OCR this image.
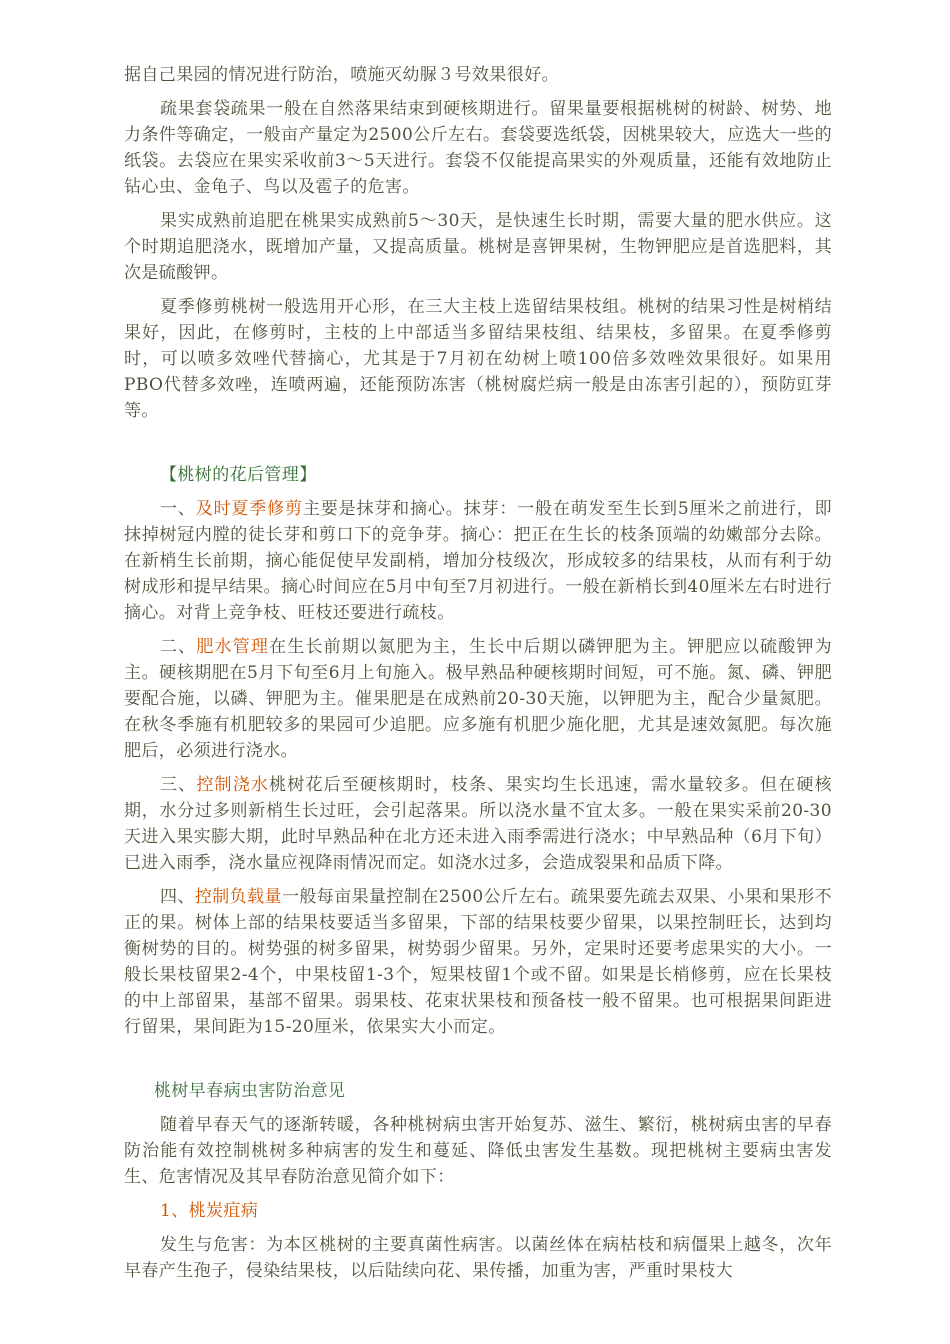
据自己果园的情况进行防治，喷施灭幼脲３号效果很好。

疏果套袋疏果一般在自然落果结束到硬核期进行。留果量要根据桃树的树龄、树势、地力条件等确定，一般亩产量定为2500公斤左右。套袋要选纸袋，因桃果较大，应选大一些的纸袋。去袋应在果实采收前3～5天进行。套袋不仅能提高果实的外观质量，还能有效地防止钻心虫、金龟子、鸟以及雹子的危害。

果实成熟前追肥在桃果实成熟前5～30天，是快速生长时期，需要大量的肥水供应。这个时期追肥浇水，既增加产量，又提高质量。桃树是喜钾果树，生物钾肥应是首选肥料，其次是硫酸钾。

夏季修剪桃树一般选用开心形，在三大主枝上选留结果枝组。桃树的结果习性是树梢结果好，因此，在修剪时，主枝的上中部适当多留结果枝组、结果枝，多留果。在夏季修剪时，可以喷多效唑代替摘心，尤其是于7月初在幼树上喷100倍多效唑效果很好。如果用PBO代替多效唑，连喷两遍，还能预防冻害（桃树腐烂病一般是由冻害引起的），预防豇芽等。

【桃树的花后管理】

一、及时夏季修剪主要是抹芽和摘心。抹芽：一般在萌发至生长到5厘米之前进行，即抹掉树冠内膛的徒长芽和剪口下的竞争芽。摘心：把正在生长的枝条顶端的幼嫩部分去除。在新梢生长前期，摘心能促使早发副梢，增加分枝级次，形成较多的结果枝，从而有利于幼树成形和提早结果。摘心时间应在5月中旬至7月初进行。一般在新梢长到40厘米左右时进行摘心。对背上竞争枝、旺枝还要进行疏枝。

二、肥水管理在生长前期以氮肥为主，生长中后期以磷钾肥为主。钾肥应以硫酸钾为主。硬核期肥在5月下旬至6月上旬施入。极早熟品种硬核期时间短，可不施。氮、磷、钾肥要配合施，以磷、钾肥为主。催果肥是在成熟前20-30天施，以钾肥为主，配合少量氮肥。在秋冬季施有机肥较多的果园可少追肥。应多施有机肥少施化肥，尤其是速效氮肥。每次施肥后，必须进行浇水。

三、控制浇水桃树花后至硬核期时，枝条、果实均生长迅速，需水量较多。但在硬核期，水分过多则新梢生长过旺，会引起落果。所以浇水量不宜太多。一般在果实采前20-30天进入果实膨大期，此时早熟品种在北方还未进入雨季需进行浇水；中早熟品种（6月下旬）已进入雨季，浇水量应视降雨情况而定。如浇水过多，会造成裂果和品质下降。

四、控制负载量一般每亩果量控制在2500公斤左右。疏果要先疏去双果、小果和果形不正的果。树体上部的结果枝要适当多留果，下部的结果枝要少留果，以果控制旺长，达到均衡树势的目的。树势强的树多留果，树势弱少留果。另外，定果时还要考虑果实的大小。一般长果枝留果2-4个，中果枝留1-3个，短果枝留1个或不留。如果是长梢修剪，应在长果枝的中上部留果，基部不留果。弱果枝、花束状果枝和预备枝一般不留果。也可根据果间距进行留果，果间距为15-20厘米，依果实大小而定。

桃树早春病虫害防治意见

随着早春天气的逐渐转暖，各种桃树病虫害开始复苏、滋生、繁衍，桃树病虫害的早春防治能有效控制桃树多种病害的发生和蔓延、降低虫害发生基数。现把桃树主要病虫害发生、危害情况及其早春防治意见简介如下：

1、桃炭疽病

发生与危害：为本区桃树的主要真菌性病害。以菌丝体在病枯枝和病僵果上越冬，次年早春产生孢子，侵染结果枝，以后陆续向花、果传播，加重为害，严重时果枝大
